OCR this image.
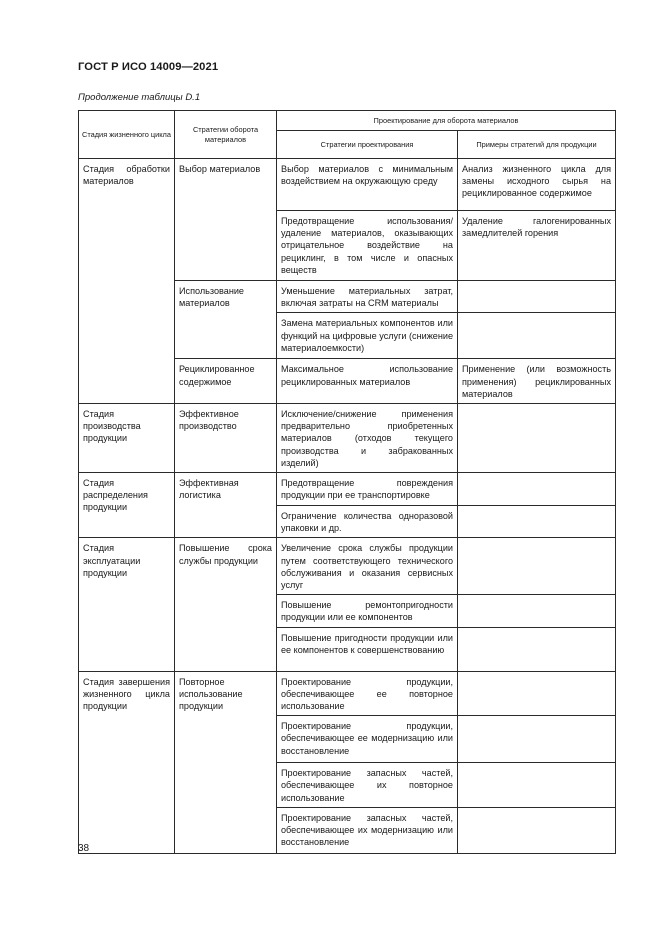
ГОСТ Р ИСО 14009—2021
Продолжение таблицы D.1
Стадия жизненного цикла	Стратегии оборота материалов	Проектирование для оборота материалов	
		Стратегии проектирования	Примеры стратегий для продукции
Стадия обработки материалов	Выбор материалов	Выбор материалов с минимальным воздействием на окружающую среду	Анализ жизненного цикла для замены исходного сырья на рециклированное содержимое
		Предотвращение использования/удаление материалов, оказывающих отрицательное воздействие на рециклинг, в том числе и опасных веществ	Удаление галогенированных замедлителей горения
	Использование материалов	Уменьшение материальных затрат, включая затраты на CRM материалы	
		Замена материальных компонентов или функций на цифровые услуги (снижение материалоемкости)	
	Рециклированное содержимое	Максимальное использование рециклированных материалов	Применение (или возможность применения) рециклированных материалов
Стадия производства продукции	Эффективное производство	Исключение/снижение применения предварительно приобретенных материалов (отходов текущего производства и забракованных изделий)	
Стадия распределения продукции	Эффективная логистика	Предотвращение повреждения продукции при ее транспортировке	
		Ограничение количества одноразовой упаковки и др.	
Стадия эксплуатации продукции	Повышение срока службы продукции	Увеличение срока службы продукции путем соответствующего технического обслуживания и оказания сервисных услуг	
		Повышение ремонтопригодности продукции или ее компонентов	
		Повышение пригодности продукции или ее компонентов к совершенствованию	
Стадия завершения жизненного цикла продукции	Повторное использование продукции	Проектирование продукции, обеспечивающее ее повторное использование	
		Проектирование продукции, обеспечивающее ее модернизацию или восстановление	
		Проектирование запасных частей, обеспечивающее их повторное использование	
		Проектирование запасных частей, обеспечивающее их модернизацию или восстановление	
38
